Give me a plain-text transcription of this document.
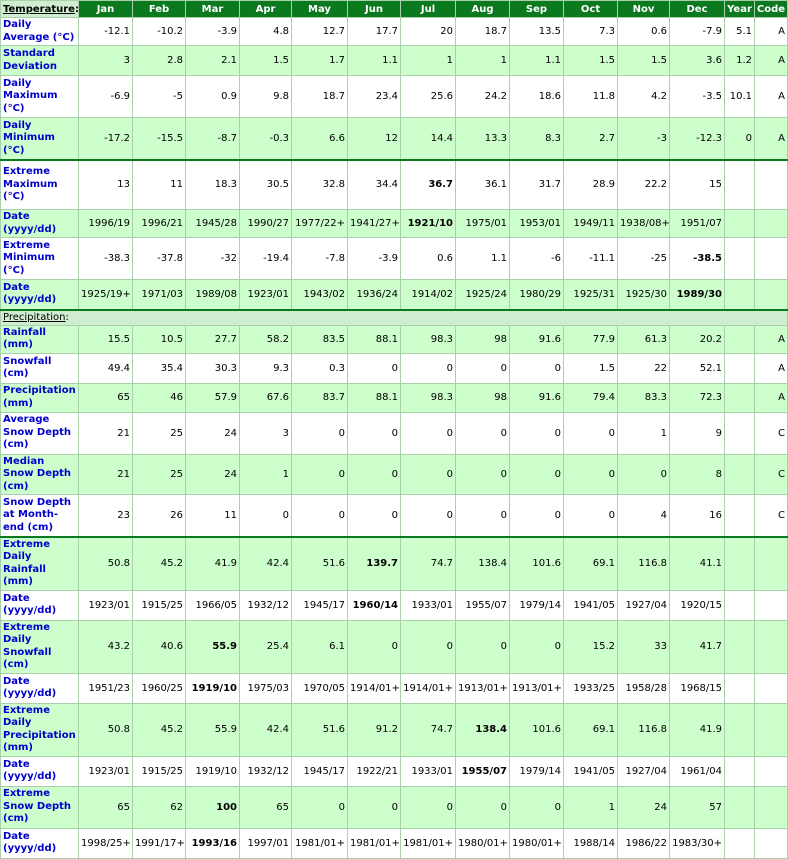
Temperature:	Jan	Feb	Mar	Apr	May	Jun	Jul	Aug	Sep	Oct	Nov	Dec	Year	Code
Daily Average (°C)	-12.1	-10.2	-3.9	4.8	12.7	17.7	20	18.7	13.5	7.3	0.6	-7.9	5.1	A
Standard Deviation	3	2.8	2.1	1.5	1.7	1.1	1	1	1.1	1.5	1.5	3.6	1.2	A
Daily Maximum (°C)	-6.9	-5	0.9	9.8	18.7	23.4	25.6	24.2	18.6	11.8	4.2	-3.5	10.1	A
Daily Minimum (°C)	-17.2	-15.5	-8.7	-0.3	6.6	12	14.4	13.3	8.3	2.7	-3	-12.3	0	A
Extreme Maximum (°C)	13	11	18.3	30.5	32.8	34.4	36.7	36.1	31.7	28.9	22.2	15		
Date (yyyy/dd)	1996/19	1996/21	1945/28	1990/27	1977/22+	1941/27+	1921/10	1975/01	1953/01	1949/11	1938/08+	1951/07		
Extreme Minimum (°C)	-38.3	-37.8	-32	-19.4	-7.8	-3.9	0.6	1.1	-6	-11.1	-25	-38.5		
Date (yyyy/dd)	1925/19+	1971/03	1989/08	1923/01	1943/02	1936/24	1914/02	1925/24	1980/29	1925/31	1925/30	1989/30		
Precipitation:														
Rainfall (mm)	15.5	10.5	27.7	58.2	83.5	88.1	98.3	98	91.6	77.9	61.3	20.2		A
Snowfall (cm)	49.4	35.4	30.3	9.3	0.3	0	0	0	0	1.5	22	52.1		A
Precipitation (mm)	65	46	57.9	67.6	83.7	88.1	98.3	98	91.6	79.4	83.3	72.3		A
Average Snow Depth (cm)	21	25	24	3	0	0	0	0	0	0	1	9		C
Median Snow Depth (cm)	21	25	24	1	0	0	0	0	0	0	0	8		C
Snow Depth at Month-end (cm)	23	26	11	0	0	0	0	0	0	0	4	16		C
Extreme Daily Rainfall (mm)	50.8	45.2	41.9	42.4	51.6	139.7	74.7	138.4	101.6	69.1	116.8	41.1		
Date (yyyy/dd)	1923/01	1915/25	1966/05	1932/12	1945/17	1960/14	1933/01	1955/07	1979/14	1941/05	1927/04	1920/15		
Extreme Daily Snowfall (cm)	43.2	40.6	55.9	25.4	6.1	0	0	0	0	15.2	33	41.7		
Date (yyyy/dd)	1951/23	1960/25	1919/10	1975/03	1970/05	1914/01+	1914/01+	1913/01+	1913/01+	1933/25	1958/28	1968/15		
Extreme Daily Precipitation (mm)	50.8	45.2	55.9	42.4	51.6	91.2	74.7	138.4	101.6	69.1	116.8	41.9		
Date (yyyy/dd)	1923/01	1915/25	1919/10	1932/12	1945/17	1922/21	1933/01	1955/07	1979/14	1941/05	1927/04	1961/04		
Extreme Snow Depth (cm)	65	62	100	65	0	0	0	0	0	1	24	57		
Date (yyyy/dd)	1998/25+	1991/17+	1993/16	1997/01	1981/01+	1981/01+	1981/01+	1980/01+	1980/01+	1988/14	1986/22	1983/30+		
